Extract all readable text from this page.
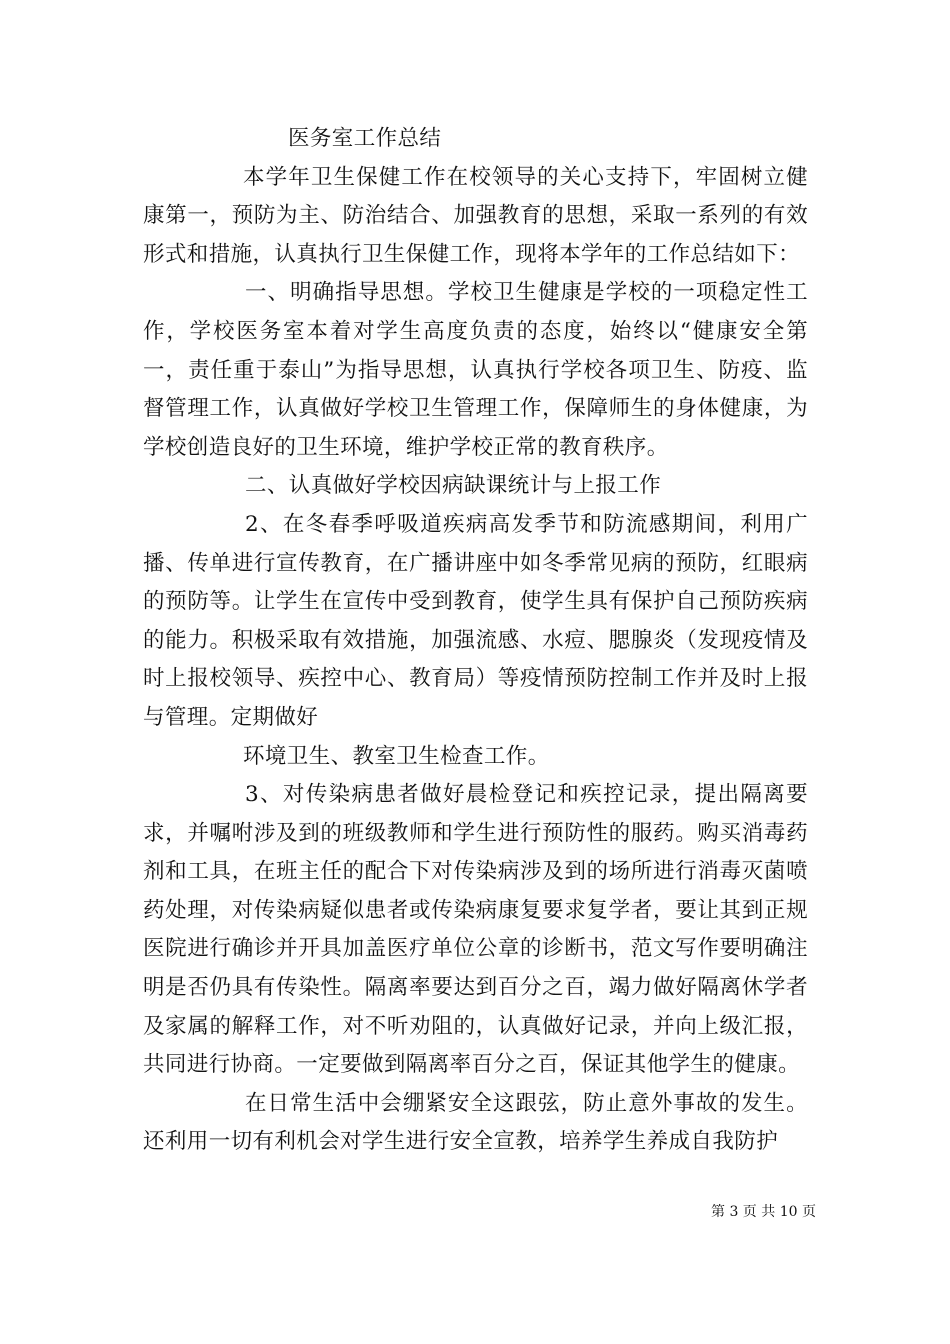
医务室工作总结

本学年卫生保健工作在校领导的关心支持下，牢固树立健康第一，预防为主、防治结合、加强教育的思想，采取一系列的有效形式和措施，认真执行卫生保健工作，现将本学年的工作总结如下：

一、明确指导思想。学校卫生健康是学校的一项稳定性工作，学校医务室本着对学生高度负责的态度，始终以“健康安全第一，责任重于泰山”为指导思想，认真执行学校各项卫生、防疫、监督管理工作，认真做好学校卫生管理工作，保障师生的身体健康，为学校创造良好的卫生环境，维护学校正常的教育秩序。

二、认真做好学校因病缺课统计与上报工作

2、在冬春季呼吸道疾病高发季节和防流感期间，利用广播、传单进行宣传教育，在广播讲座中如冬季常见病的预防，红眼病的预防等。让学生在宣传中受到教育，使学生具有保护自己预防疾病的能力。积极采取有效措施，加强流感、水痘、腮腺炎（发现疫情及时上报校领导、疾控中心、教育局）等疫情预防控制工作并及时上报与管理。定期做好

环境卫生、教室卫生检查工作。

3、对传染病患者做好晨检登记和疾控记录，提出隔离要求，并嘱咐涉及到的班级教师和学生进行预防性的服药。购买消毒药剂和工具，在班主任的配合下对传染病涉及到的场所进行消毒灭菌喷药处理，对传染病疑似患者或传染病康复要求复学者，要让其到正规医院进行确诊并开具加盖医疗单位公章的诊断书，范文写作要明确注明是否仍具有传染性。隔离率要达到百分之百，竭力做好隔离休学者及家属的解释工作，对不听劝阻的，认真做好记录，并向上级汇报，共同进行协商。一定要做到隔离率百分之百，保证其他学生的健康。

在日常生活中会绷紧安全这跟弦，防止意外事故的发生。还利用一切有利机会对学生进行安全宣教，培养学生养成自我防护

第 3 页 共 10 页
